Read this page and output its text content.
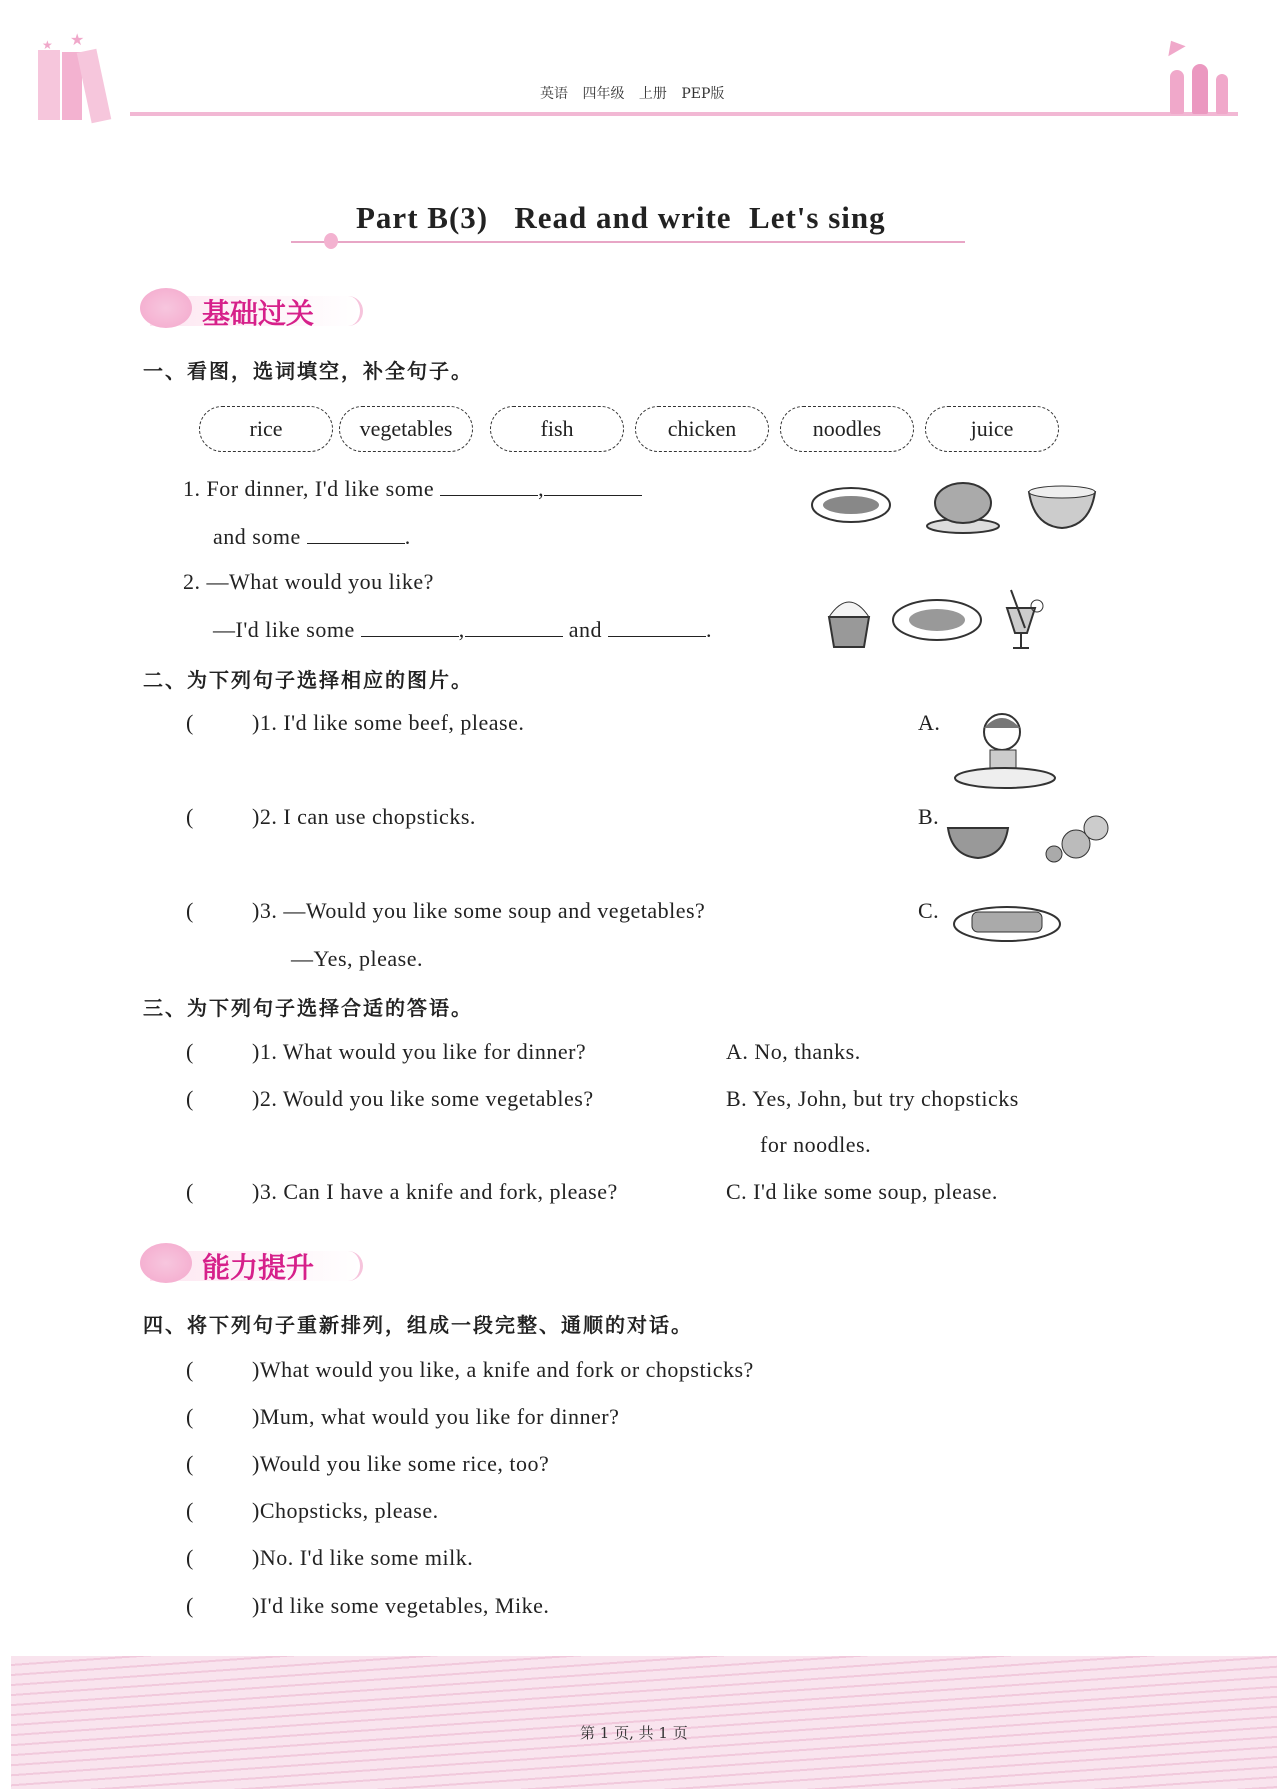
★
★
英语 四年级 上册 PEP版
Part B(3)   Read and write  Let's sing
基础过关
一、看图，选词填空，补全句子。
rice	vegetables	fish	chicken	noodles	juice
1. For dinner, I'd like some	,
and some	.
2. —What would you like?
—I'd like some	,	and	.
二、为下列句子选择相应的图片。
(	)1. I'd like some beef, please.
(	)2. I can use chopsticks.
(	)3. —Would you like some soup and vegetables?
—Yes, please.
A.
B.
C.
三、为下列句子选择合适的答语。
(	)1. What would you like for dinner?
(	)2. Would you like some vegetables?
(	)3. Can I have a knife and fork, please?
A. No, thanks.
B. Yes, John, but try chopsticks
for noodles.
C. I'd like some soup, please.
能力提升
四、将下列句子重新排列，组成一段完整、通顺的对话。
(	)What would you like, a knife and fork or chopsticks?
(	)Mum, what would you like for dinner?
(	)Would you like some rice, too?
(	)Chopsticks, please.
(	)No. I'd like some milk.
(	)I'd like some vegetables, Mike.
第 1 页, 共 1 页
